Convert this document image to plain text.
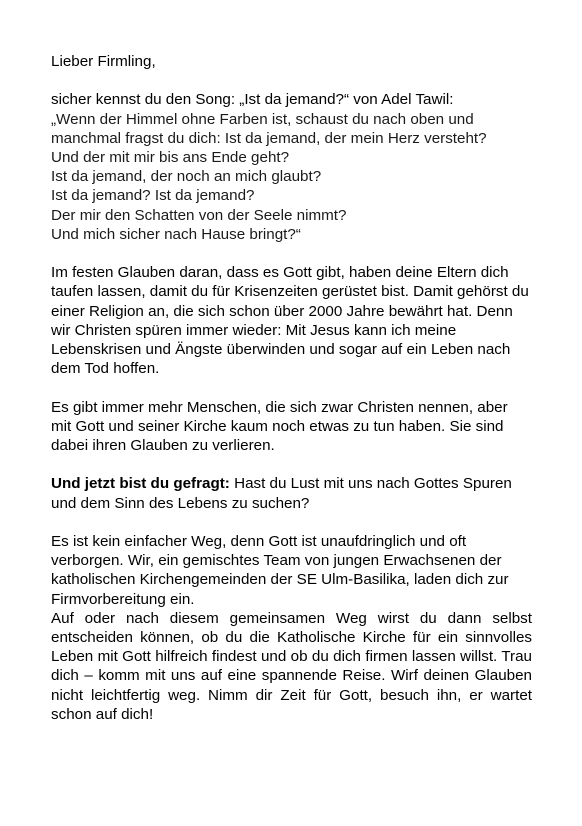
Lieber Firmling,

sicher kennst du den Song: „Ist da jemand?“ von Adel Tawil:

„Wenn der Himmel ohne Farben ist, schaust du nach oben und
manchmal fragst du dich: Ist da jemand, der mein Herz versteht?
Und der mit mir bis ans Ende geht?
Ist da jemand, der noch an mich glaubt?
Ist da jemand? Ist da jemand?
Der mir den Schatten von der Seele nimmt?
Und mich sicher nach Hause bringt?“

Im festen Glauben daran, dass es Gott gibt, haben deine Eltern dich taufen lassen, damit du für Krisenzeiten gerüstet bist. Damit gehörst du einer Religion an, die sich schon über 2000 Jahre bewährt hat. Denn wir Christen spüren immer wieder: Mit Jesus kann ich meine Lebenskrisen und Ängste überwinden und sogar auf ein Leben nach dem Tod hoffen.

Es gibt immer mehr Menschen, die sich zwar Christen nennen, aber mit Gott und seiner Kirche kaum noch etwas zu tun haben. Sie sind dabei ihren Glauben zu verlieren.

Und jetzt bist du gefragt: Hast du Lust mit uns nach Gottes Spuren und dem Sinn des Lebens zu suchen?

Es ist kein einfacher Weg, denn Gott ist unaufdringlich und oft verborgen. Wir, ein gemischtes Team von jungen Erwachsenen der katholischen Kirchengemeinden der SE Ulm-Basilika, laden dich zur Firmvorbereitung ein.

Auf oder nach diesem gemeinsamen Weg wirst du dann selbst entscheiden können, ob du die Katholische Kirche für ein sinnvolles Leben mit Gott hilfreich findest und ob du dich firmen lassen willst. Trau dich – komm mit uns auf eine spannende Reise. Wirf deinen Glauben nicht leichtfertig weg. Nimm dir Zeit für Gott, besuch ihn, er wartet schon auf dich!
